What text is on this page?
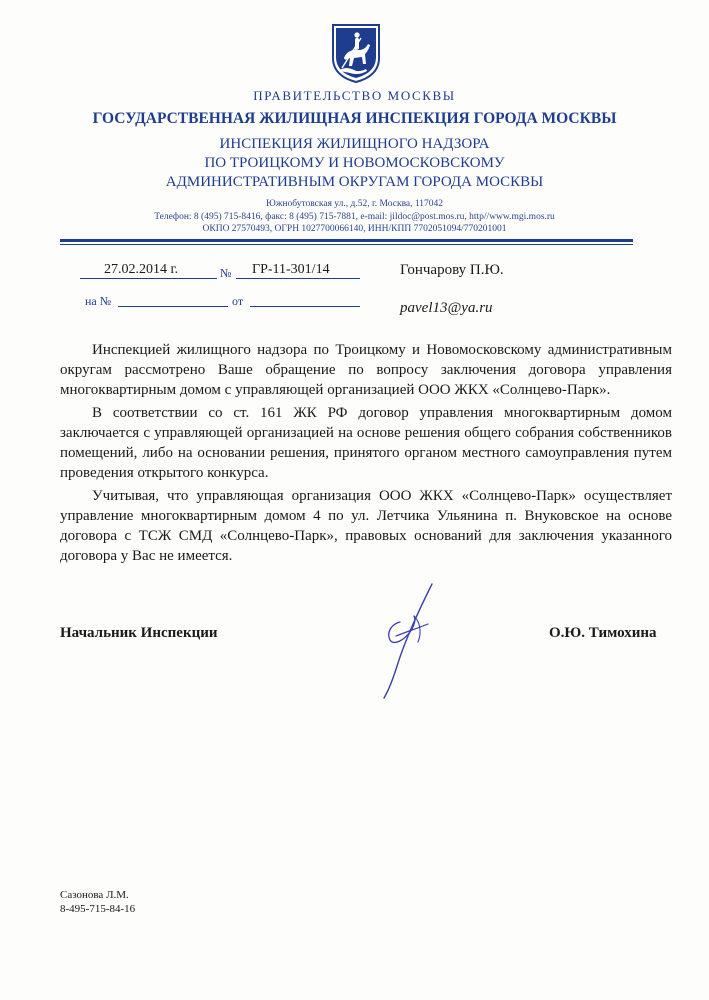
ПРАВИТЕЛЬСТВО МОСКВЫ
ГОСУДАРСТВЕННАЯ ЖИЛИЩНАЯ ИНСПЕКЦИЯ ГОРОДА МОСКВЫ
ИНСПЕКЦИЯ ЖИЛИЩНОГО НАДЗОРА
ПО ТРОИЦКОМУ И НОВОМОСКОВСКОМУ
АДМИНИСТРАТИВНЫМ ОКРУГАМ ГОРОДА МОСКВЫ
Южнобутовская ул., д.52, г. Москва, 117042
Телефон: 8 (495) 715-8416, факс: 8 (495) 715-7881, e-mail: jildoc@post.mos.ru, http//www.mgi.mos.ru
ОКПО 27570493, ОГРН 1027700066140, ИНН/КПП 7702051094/770201001
27.02.2014 г.	№ ГР-11-301/14
на №	от
Гончарову П.Ю.
pavel13@ya.ru

Инспекцией жилищного надзора по Троицкому и Новомосковскому административным округам рассмотрено Ваше обращение по вопросу заключения договора управления многоквартирным домом с управляющей организацией ООО ЖКХ «Солнцево-Парк».

В соответствии со ст. 161 ЖК РФ договор управления многоквартирным домом заключается с управляющей организацией на основе решения общего собрания собственников помещений, либо на основании решения, принятого органом местного самоуправления путем проведения открытого конкурса.

Учитывая, что управляющая организация ООО ЖКХ «Солнцево-Парк» осуществляет управление многоквартирным домом 4 по ул. Летчика Ульянина п. Внуковское на основе договора с ТСЖ СМД «Солнцево-Парк», правовых оснований для заключения указанного договора у Вас не имеется.

Начальник Инспекции	О.Ю. Тимохина
Сазонова Л.М.
8-495-715-84-16
